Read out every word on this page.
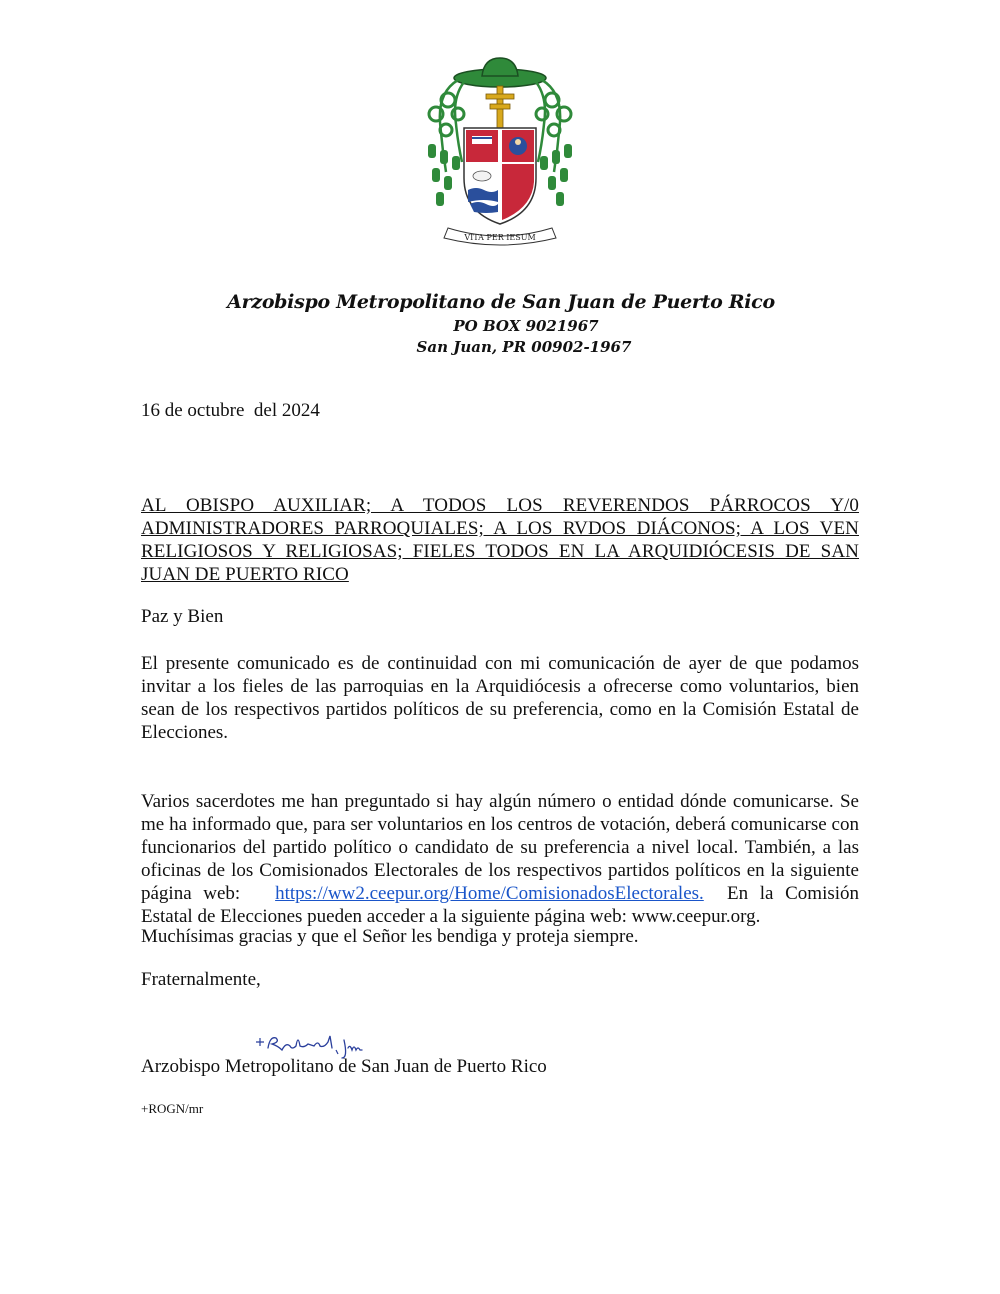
VITA PER IESUM
Arzobispo Metropolitano de San Juan de Puerto Rico
PO BOX 9021967
San Juan, PR 00902-1967
16 de octubre  del 2024
AL OBISPO AUXILIAR; A TODOS LOS REVERENDOS PÁRROCOS Y/0 ADMINISTRADORES PARROQUIALES; A LOS RVDOS DIÁCONOS; A LOS VEN RELIGIOSOS Y RELIGIOSAS; FIELES TODOS EN LA ARQUIDIÓCESIS DE SAN JUAN DE PUERTO RICO
Paz y Bien
El presente comunicado es de continuidad con mi comunicación de ayer de que podamos invitar a los fieles de las parroquias en la Arquidiócesis a ofrecerse como voluntarios, bien sean de los respectivos partidos políticos de su preferencia, como en la Comisión Estatal de Elecciones.
Varios sacerdotes me han preguntado si hay algún número o entidad dónde comunicarse. Se me ha informado que, para ser voluntarios en los centros de votación, deberá comunicarse con funcionarios del partido político o candidato de su preferencia a nivel local. También, a las oficinas de los Comisionados Electorales de los respectivos partidos políticos en la siguiente página web: https://ww2.ceepur.org/Home/ComisionadosElectorales. En la Comisión Estatal de Elecciones pueden acceder a la siguiente página web: www.ceepur.org.
Muchísimas gracias y que el Señor les bendiga y proteja siempre.
Fraternalmente,
Arzobispo Metropolitano de San Juan de Puerto Rico
+ROGN/mr
